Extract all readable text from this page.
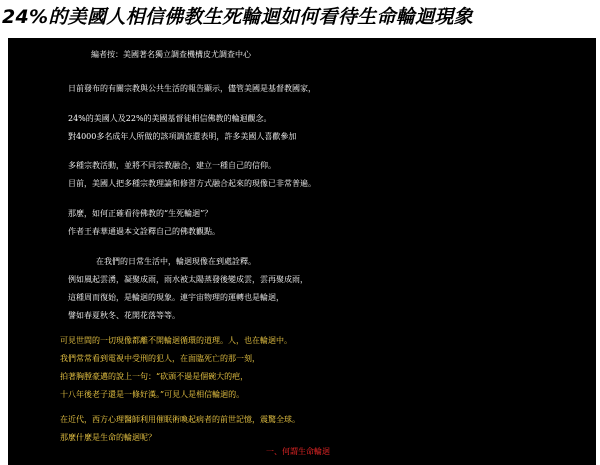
24%的美國人相信佛教生死輪迴如何看待生命輪迴現象
編者按：美國著名獨立調查機構皮尤調查中心
日前發布的有關宗教與公共生活的報告顯示，儘管美國是基督教國家，
24%的美國人及22%的美國基督徒相信佛教的輪迴觀念。
對4000多名成年人所做的該項調查還表明，許多美國人喜歡參加
多種宗教活動，並將不同宗教融合，建立一種自己的信仰。
目前，美國人把多種宗教理論和修習方式融合起來的現像已非常普遍。
那麼，如何正確看待佛教的“生死輪迴”？
作者王春華通過本文詮釋自己的佛教觀點。
在我們的日常生活中，輪迴現像在到處詮釋。
例如風起雲湧，凝聚成雨，雨水被太陽蒸發後變成雲，雲再聚成雨，
這種周而復始，是輪迴的現象。連宇宙物理的運轉也是輪迴，
譬如春夏秋冬、花開花落等等。
可見世間的一切現像都離不開輪迴循環的道理。人，也在輪迴中。
我們常常看到電視中受刑的犯人，在面臨死亡的那一刻，
拍著胸膛豪邁的說上一句：“砍頭不過是個碗大的疤，
十八年後老子還是一條好漢。”可見人是相信輪迴的。
在近代，西方心理醫師利用催眠術喚起病者的前世記憶，震驚全球。
那麼什麼是生命的輪迴呢？
一、何謂生命輪迴
